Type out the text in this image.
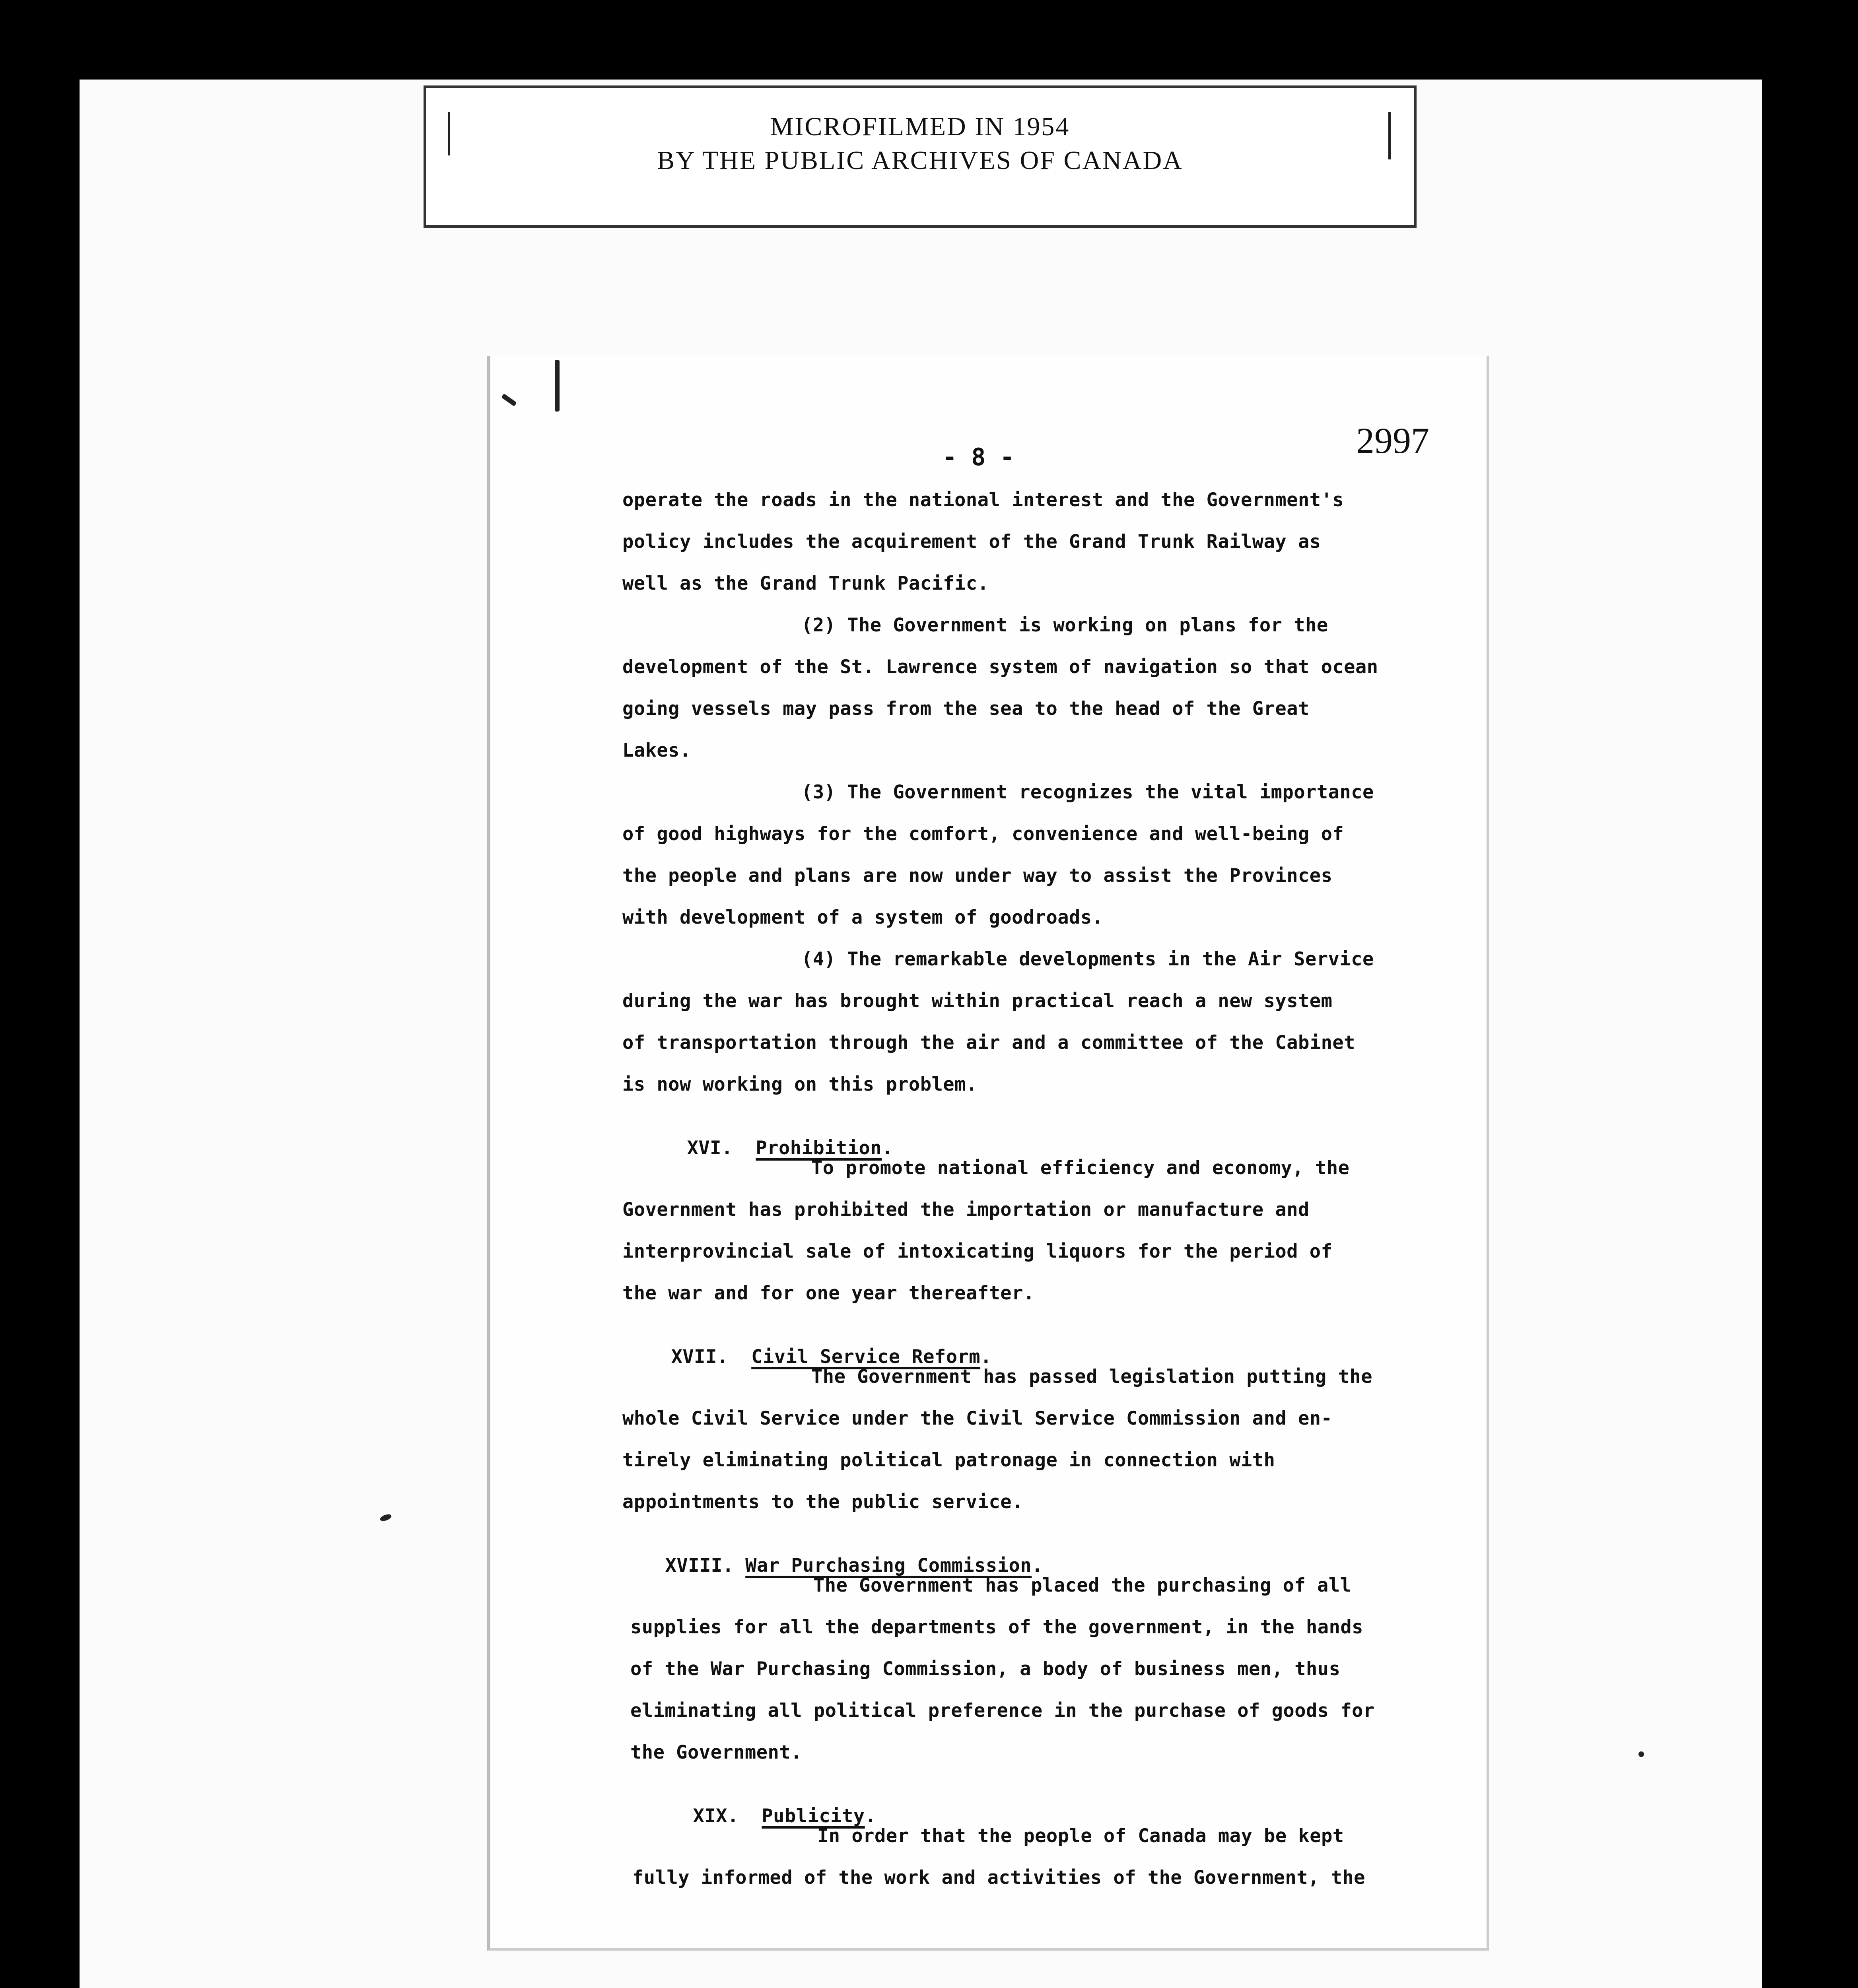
MICROFILMED IN 1954
BY THE PUBLIC ARCHIVES OF CANADA
2997
- 8 -
operate the roads in the national interest and the Government's
policy includes the acquirement of the Grand Trunk Railway as
well as the Grand Trunk Pacific.
(2) The Government is working on plans for the
development of the St. Lawrence system of navigation so that ocean
going vessels may pass from the sea to the head of the Great
Lakes.
(3) The Government recognizes the vital importance
of good highways for the comfort, convenience and well-being of
the people and plans are now under way to assist the Provinces
with development of a system of goodroads.
(4) The remarkable developments in the Air Service
during the war has brought within practical reach a new system
of transportation through the air and a committee of the Cabinet
is now working on this problem.

XVI. Prohibition.

To promote national efficiency and economy, the
Government has prohibited the importation or manufacture and
interprovincial sale of intoxicating liquors for the period of
the war and for one year thereafter.

XVII. Civil Service Reform.

The Government has passed legislation putting the
whole Civil Service under the Civil Service Commission and en-
tirely eliminating political patronage in connection with
appointments to the public service.

XVIII. War Purchasing Commission.

The Government has placed the purchasing of all
supplies for all the departments of the government, in the hands
of the War Purchasing Commission, a body of business men, thus
eliminating all political preference in the purchase of goods for
the Government.

XIX. Publicity.

In order that the people of Canada may be kept
fully informed of the work and activities of the Government, the
